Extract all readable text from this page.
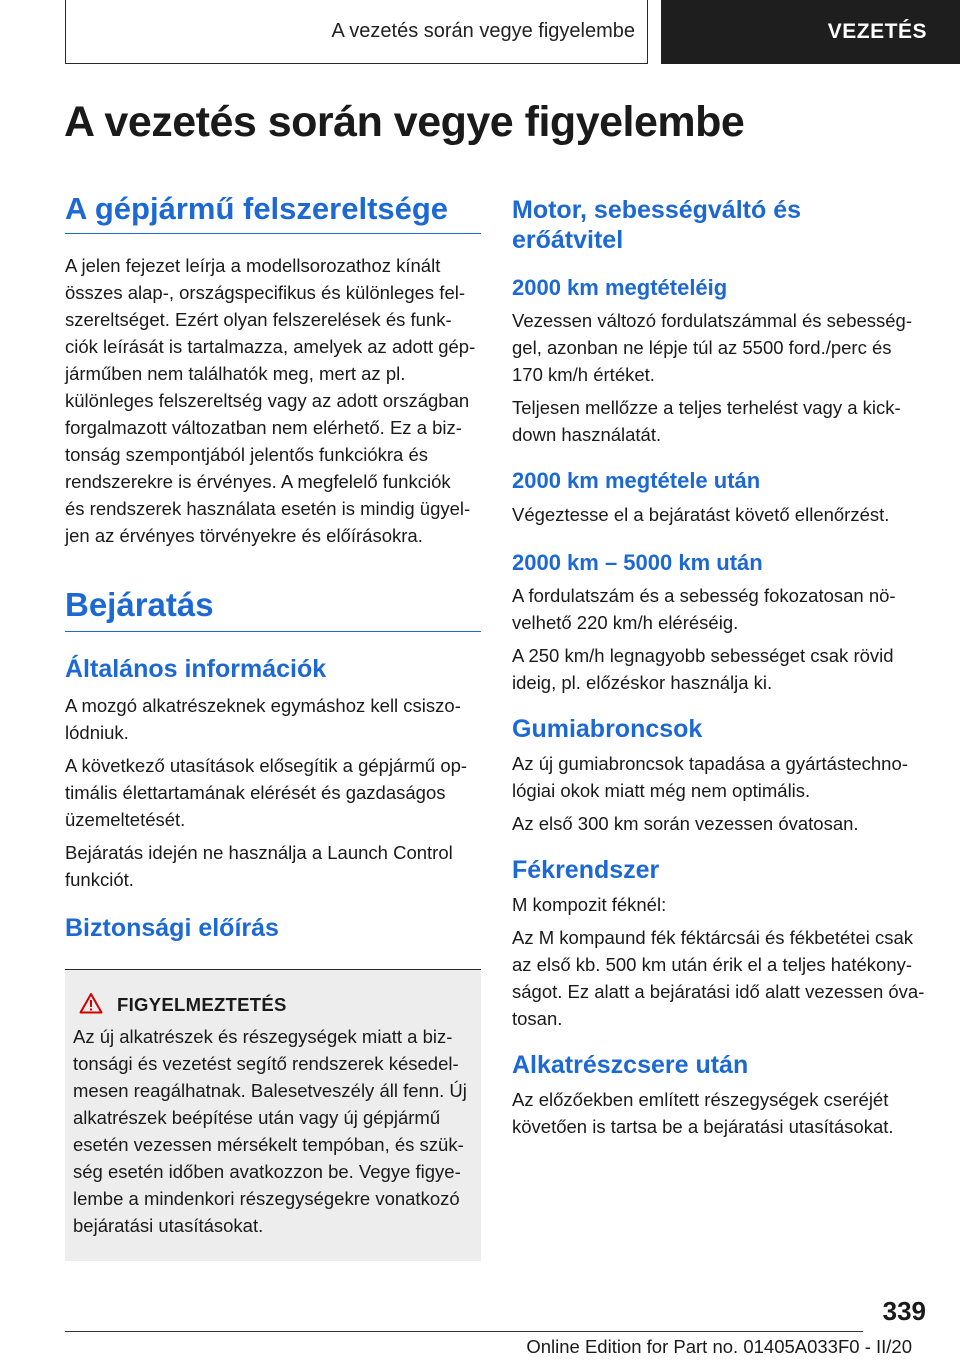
A vezetés során vegye figyelembe	VEZETÉS
A vezetés során vegye figyelembe
A gépjármű felszereltsége

A jelen fejezet leírja a modellsorozathoz kínált
összes alap-, országspecifikus és különleges fel-
szereltséget. Ezért olyan felszerelések és funk-
ciók leírását is tartalmazza, amelyek az adott gép-
járműben nem találhatók meg, mert az pl.
különleges felszereltség vagy az adott országban
forgalmazott változatban nem elérhető. Ez a biz-
tonság szempontjából jelentős funkciókra és
rendszerekre is érvényes. A megfelelő funkciók
és rendszerek használata esetén is mindig ügyel-
jen az érvényes törvényekre és előírásokra.

Bejáratás
Általános információk

A mozgó alkatrészeknek egymáshoz kell csiszo-
lódniuk.

A következő utasítások elősegítik a gépjármű op-
timális élettartamának elérését és gazdaságos
üzemeltetését.

Bejáratás idején ne használja a Launch Control
funkciót.

Biztonsági előírás
FIGYELMEZTETÉS

Az új alkatrészek és részegységek miatt a biz-
tonsági és vezetést segítő rendszerek késedel-
mesen reagálhatnak. Balesetveszély áll fenn. Új
alkatrészek beépítése után vagy új gépjármű
esetén vezessen mérsékelt tempóban, és szük-
ség esetén időben avatkozzon be. Vegye figye-
lembe a mindenkori részegységekre vonatkozó
bejáratási utasításokat.

Motor, sebességváltó és
erőátvitel
2000 km megtételéig

Vezessen változó fordulatszámmal és sebesség-
gel, azonban ne lépje túl az 5500 ford./perc és
170 km/h értéket.

Teljesen mellőzze a teljes terhelést vagy a kick-
down használatát.

2000 km megtétele után

Végeztesse el a bejáratást követő ellenőrzést.

2000 km – 5000 km után

A fordulatszám és a sebesség fokozatosan nö-
velhető 220 km/h eléréséig.

A 250 km/h legnagyobb sebességet csak rövid
ideig, pl. előzéskor használja ki.

Gumiabroncsok

Az új gumiabroncsok tapadása a gyártástechno-
lógiai okok miatt még nem optimális.

Az első 300 km során vezessen óvatosan.

Fékrendszer

M kompozit féknél:

Az M kompaund fék féktárcsái és fékbetétei csak
az első kb. 500 km után érik el a teljes hatékony-
ságot. Ez alatt a bejáratási idő alatt vezessen óva-
tosan.

Alkatrészcsere után

Az előzőekben említett részegységek cseréjét
követően is tartsa be a bejáratási utasításokat.

339
Online Edition for Part no. 01405A033F0 - II/20
